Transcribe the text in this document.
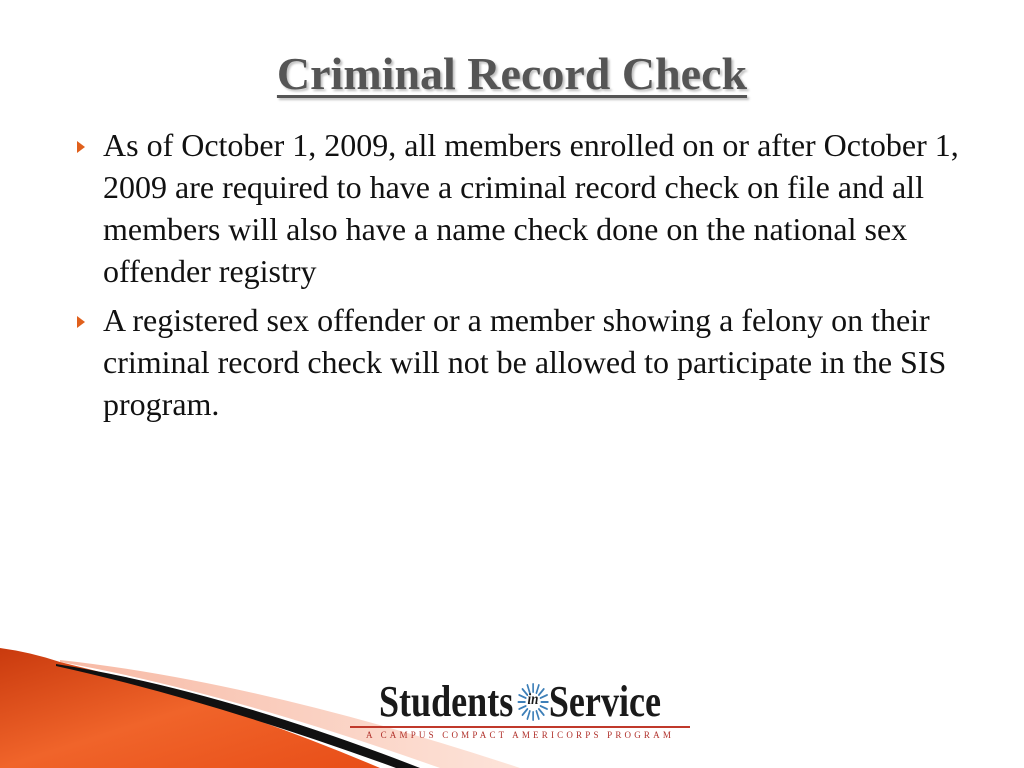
Criminal Record Check
As of October 1, 2009, all members enrolled on or after October 1, 2009 are required to have a criminal record check on file and all members will also have a name check done on the national sex offender registry
A registered sex offender or a member showing a felony on their criminal record check will not be allowed to participate in the SIS program.
Students in Service
A CAMPUS COMPACT AMERICORPS PROGRAM
